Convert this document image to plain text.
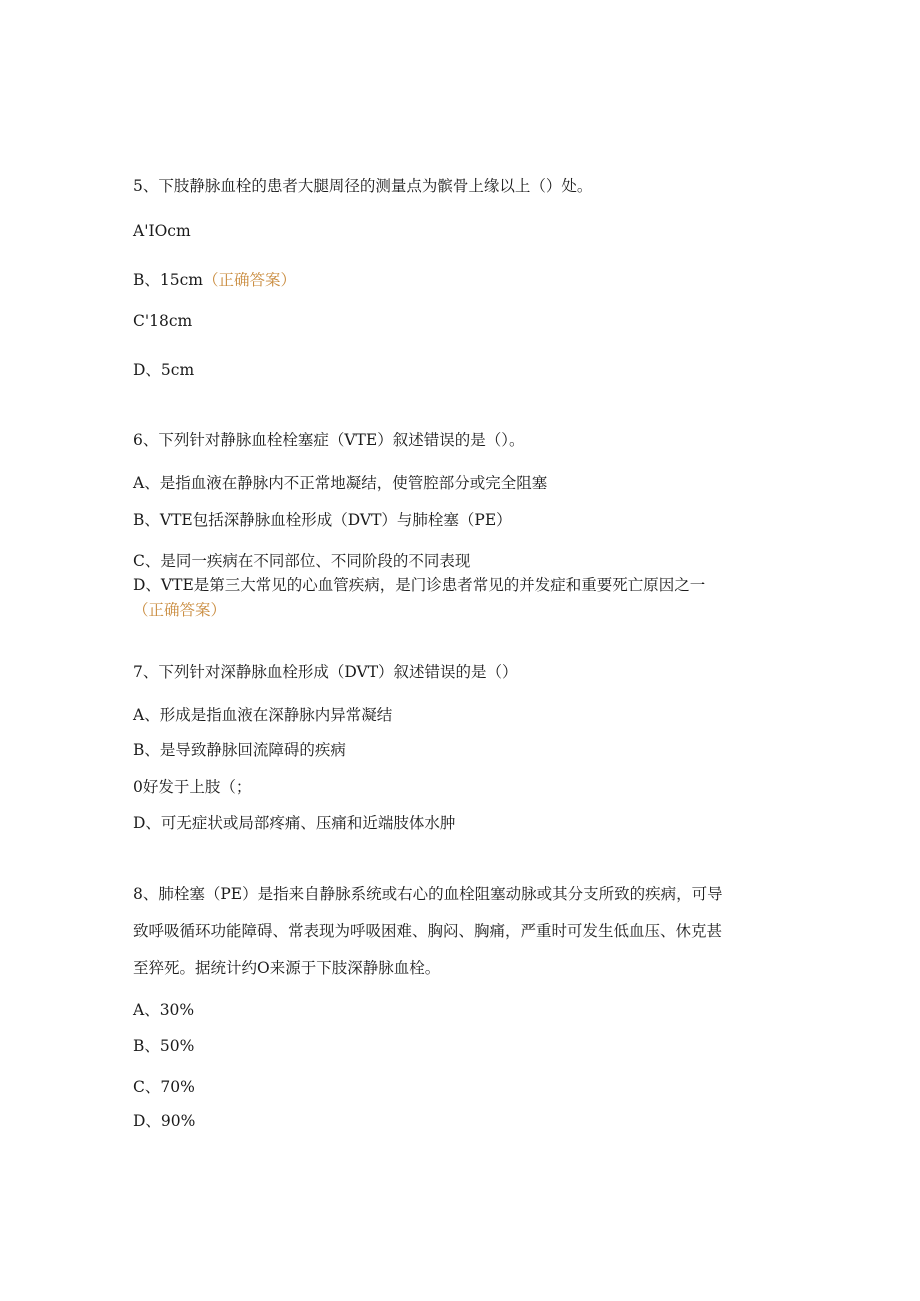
5、下肢静脉血栓的患者大腿周径的测量点为髌骨上缘以上（）处。
A'IOcm
B、15cm（正确答案）
C'18cm
D、5cm
6、下列针对静脉血栓栓塞症（VTE）叙述错误的是（）。
A、是指血液在静脉内不正常地凝结，使管腔部分或完全阻塞
B、VTE包括深静脉血栓形成（DVT）与肺栓塞（PE）
C、是同一疾病在不同部位、不同阶段的不同表现
D、VTE是第三大常见的心血管疾病，是门诊患者常见的并发症和重要死亡原因之一
（正确答案）
7、下列针对深静脉血栓形成（DVT）叙述错误的是（）
A、形成是指血液在深静脉内异常凝结
B、是导致静脉回流障碍的疾病
0好发于上肢（；
D、可无症状或局部疼痛、压痛和近端肢体水肿
8、肺栓塞（PE）是指来自静脉系统或右心的血栓阻塞动脉或其分支所致的疾病，可导
致呼吸循环功能障碍、常表现为呼吸困难、胸闷、胸痛，严重时可发生低血压、休克甚
至猝死。据统计约O来源于下肢深静脉血栓。
A、30%
B、50%
C、70%
D、90%
